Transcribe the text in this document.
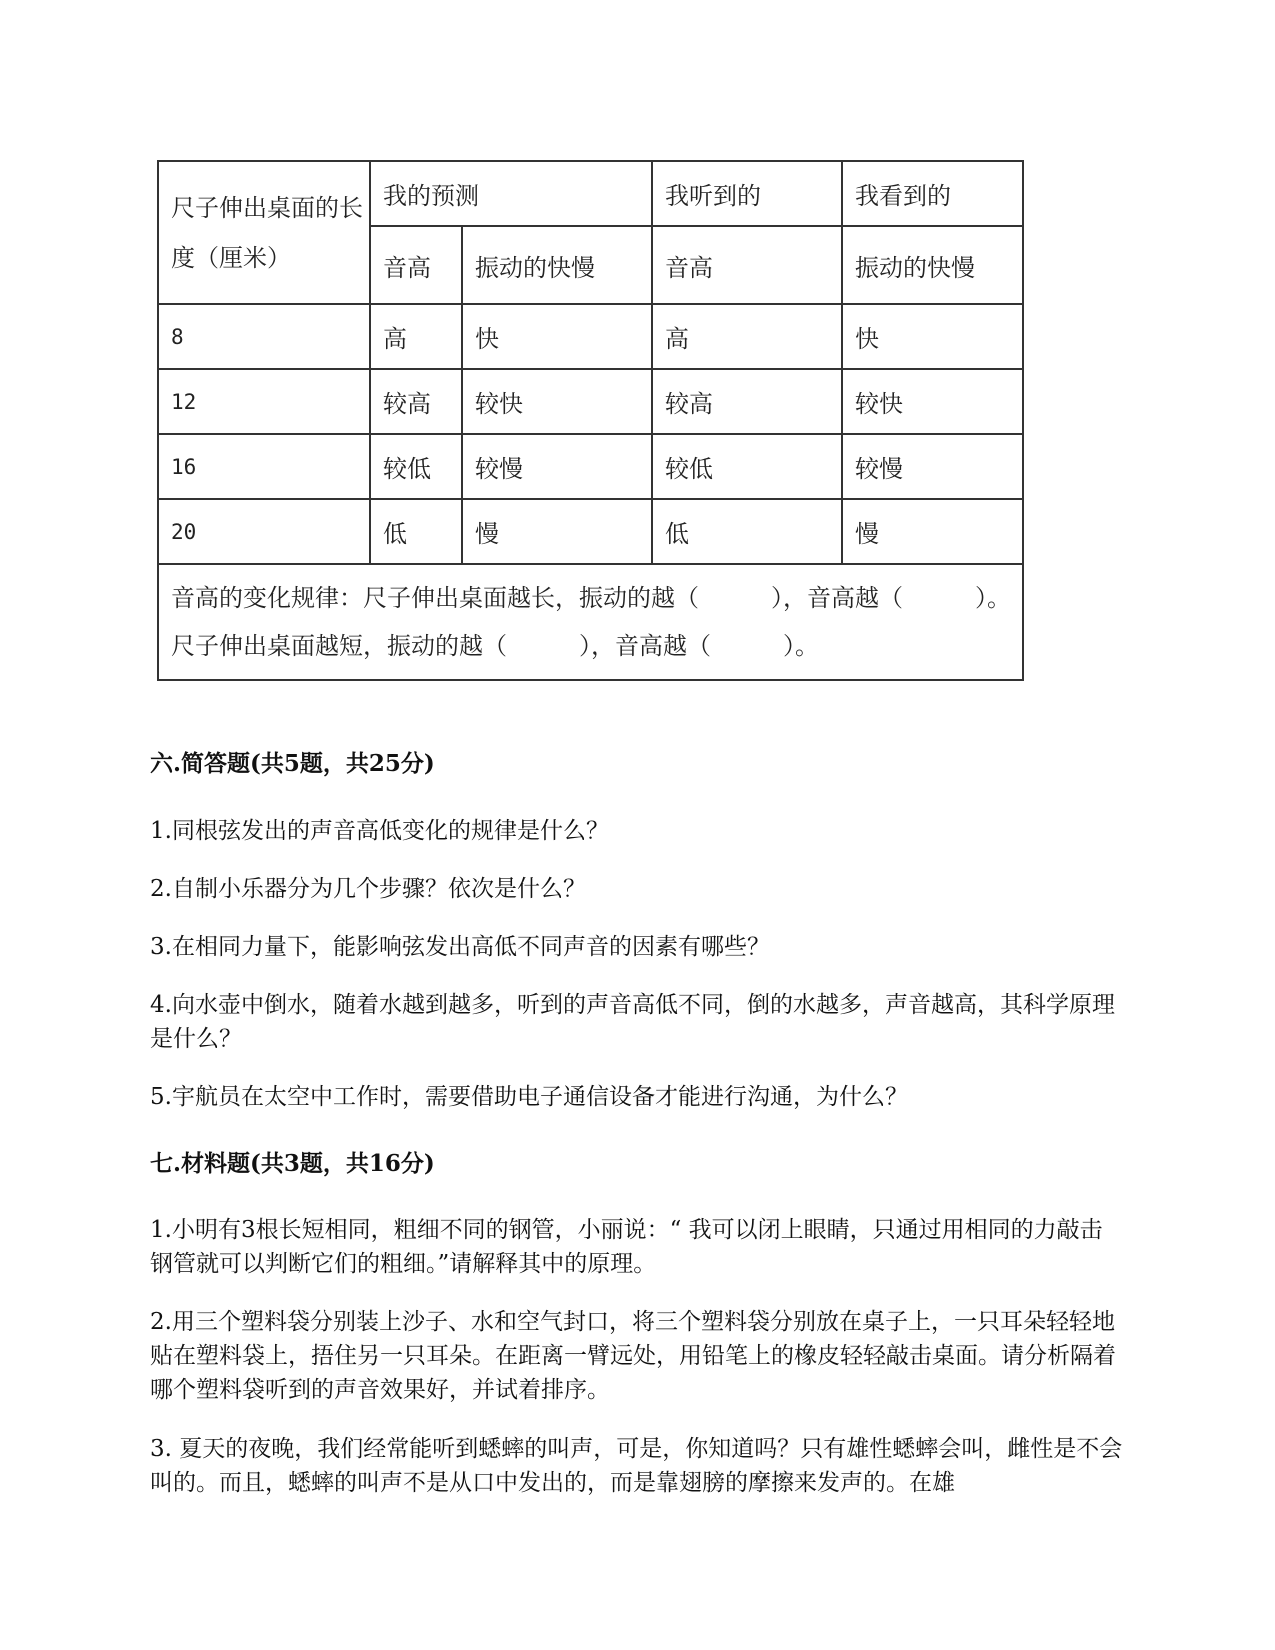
尺子伸出桌面的长度（厘米）	我的预测		我听到的	我看到的
	音高	振动的快慢	音高	振动的快慢
8	高	快	高	快
12	较高	较快	较高	较快
16	较低	较慢	较低	较慢
20	低	慢	低	慢

音高的变化规律：尺子伸出桌面越长，振动的越（　　　），音高越（　　　）。
尺子伸出桌面越短，振动的越（　　　），音高越（　　　）。				
六.简答题(共5题，共25分)
1.同根弦发出的声音高低变化的规律是什么？
2.自制小乐器分为几个步骤？依次是什么？
3.在相同力量下，能影响弦发出高低不同声音的因素有哪些？
4.向水壶中倒水，随着水越到越多，听到的声音高低不同，倒的水越多，声音越高，其科学原理是什么？
5.宇航员在太空中工作时，需要借助电子通信设备才能进行沟通，为什么？
七.材料题(共3题，共16分)
1.小明有3根长短相同，粗细不同的钢管，小丽说：“ 我可以闭上眼睛，只通过用相同的力敲击钢管就可以判断它们的粗细。”请解释其中的原理。
2.用三个塑料袋分别装上沙子、水和空气封口，将三个塑料袋分别放在桌子上，一只耳朵轻轻地贴在塑料袋上，捂住另一只耳朵。在距离一臂远处，用铅笔上的橡皮轻轻敲击桌面。请分析隔着哪个塑料袋听到的声音效果好，并试着排序。
3. 夏天的夜晚，我们经常能听到蟋蟀的叫声，可是，你知道吗？只有雄性蟋蟀会叫，雌性是不会叫的。而且，蟋蟀的叫声不是从口中发出的，而是靠翅膀的摩擦来发声的。在雄
